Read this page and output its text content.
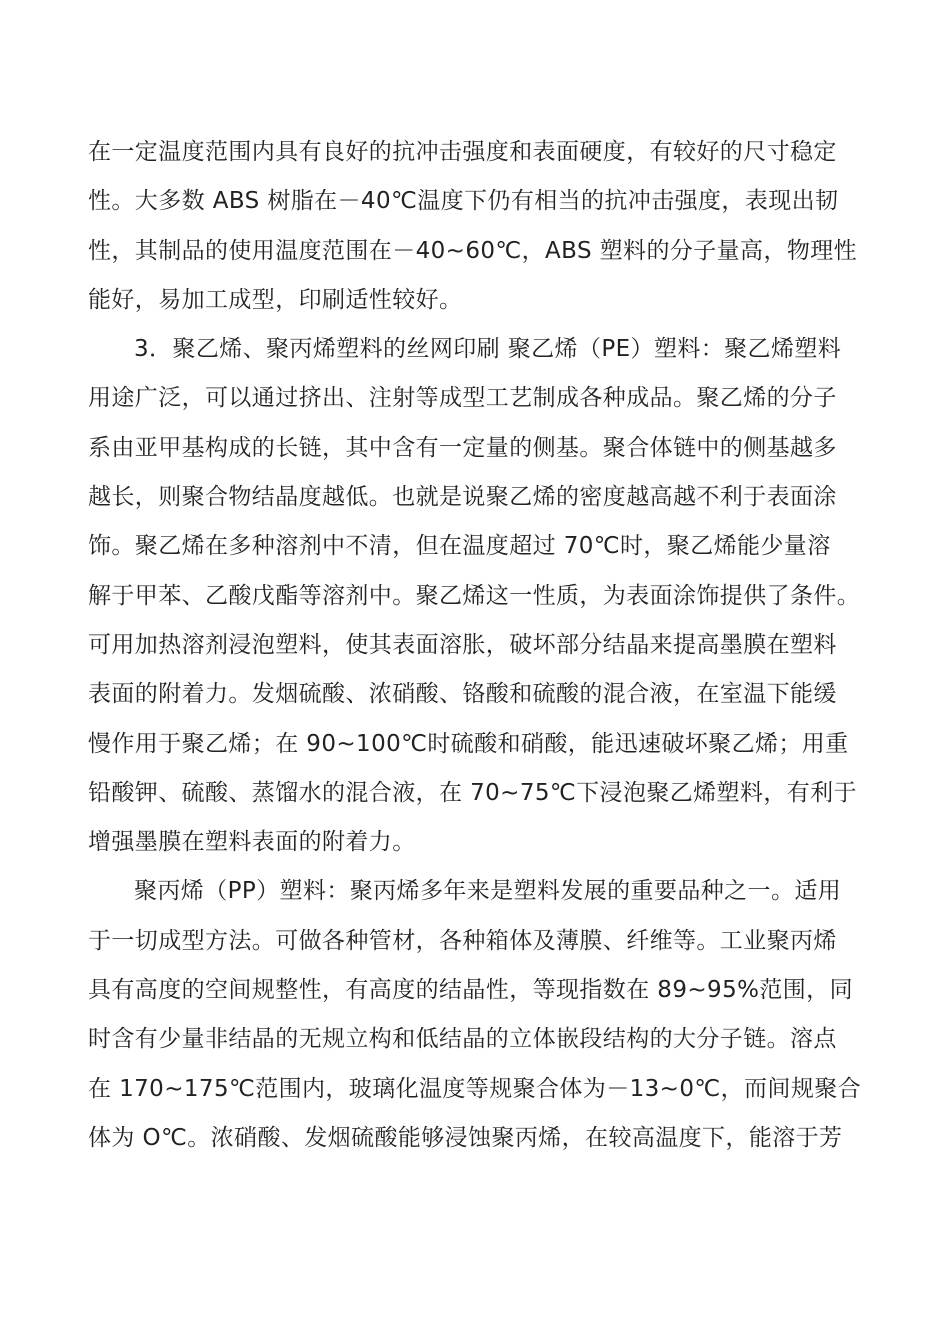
在一定温度范围内具有良好的抗冲击强度和表面硬度，有较好的尺寸稳定
性。大多数 ABS 树脂在－40℃温度下仍有相当的抗冲击强度，表现出韧
性，其制品的使用温度范围在－40~60℃，ABS 塑料的分子量高，物理性
能好，易加工成型，印刷适性较好。
3．聚乙烯、聚丙烯塑料的丝网印刷 聚乙烯（PE）塑料：聚乙烯塑料
用途广泛，可以通过挤出、注射等成型工艺制成各种成品。聚乙烯的分子
系由亚甲基构成的长链，其中含有一定量的侧基。聚合体链中的侧基越多
越长，则聚合物结晶度越低。也就是说聚乙烯的密度越高越不利于表面涂
饰。聚乙烯在多种溶剂中不清，但在温度超过 70℃时，聚乙烯能少量溶
解于甲苯、乙酸戊酯等溶剂中。聚乙烯这一性质，为表面涂饰提供了条件。
可用加热溶剂浸泡塑料，使其表面溶胀，破坏部分结晶来提高墨膜在塑料
表面的附着力。发烟硫酸、浓硝酸、铬酸和硫酸的混合液，在室温下能缓
慢作用于聚乙烯；在 90~100℃时硫酸和硝酸，能迅速破坏聚乙烯；用重
铅酸钾、硫酸、蒸馏水的混合液，在 70~75℃下浸泡聚乙烯塑料，有利于
增强墨膜在塑料表面的附着力。
聚丙烯（PP）塑料：聚丙烯多年来是塑料发展的重要品种之一。适用
于一切成型方法。可做各种管材，各种箱体及薄膜、纤维等。工业聚丙烯
具有高度的空间规整性，有高度的结晶性，等现指数在 89~95%范围，同
时含有少量非结晶的无规立构和低结晶的立体嵌段结构的大分子链。溶点
在 170~175℃范围内，玻璃化温度等规聚合体为－13~0℃，而间规聚合
体为 O℃。浓硝酸、发烟硫酸能够浸蚀聚丙烯，在较高温度下，能溶于芳
